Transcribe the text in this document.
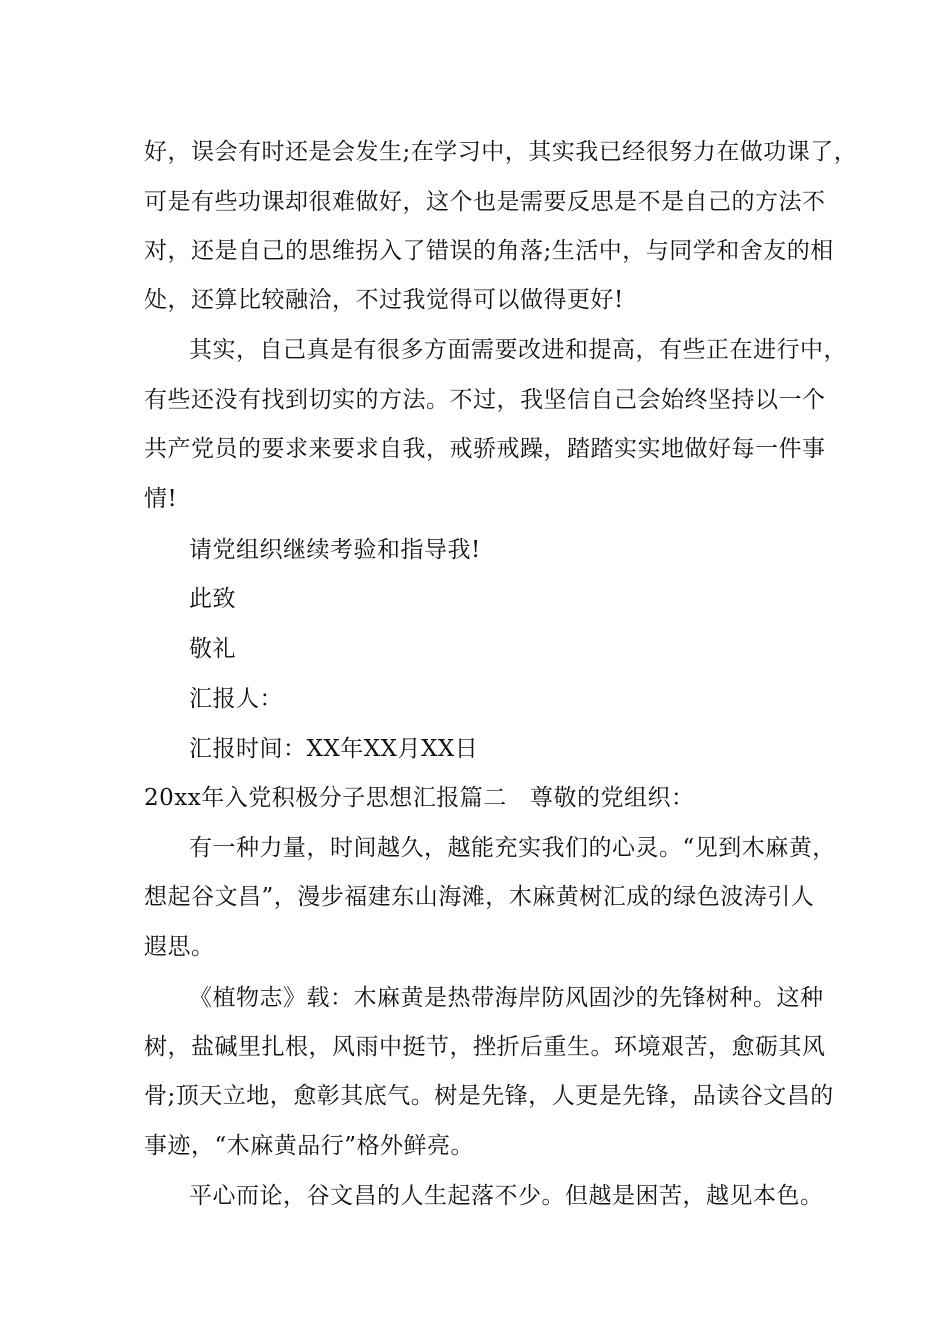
好，误会有时还是会发生;在学习中，其实我已经很努力在做功课了，
可是有些功课却很难做好，这个也是需要反思是不是自己的方法不
对，还是自己的思维拐入了错误的角落;生活中，与同学和舍友的相
处，还算比较融洽，不过我觉得可以做得更好!
其实，自己真是有很多方面需要改进和提高，有些正在进行中，
有些还没有找到切实的方法。不过，我坚信自己会始终坚持以一个
共产党员的要求来要求自我，戒骄戒躁，踏踏实实地做好每一件事
情!
请党组织继续考验和指导我!
此致
敬礼
汇报人：
汇报时间：XX年XX月XX日
20xx年入党积极分子思想汇报篇二 尊敬的党组织：
有一种力量，时间越久，越能充实我们的心灵。“见到木麻黄，
想起谷文昌”，漫步福建东山海滩，木麻黄树汇成的绿色波涛引人
遐思。
《植物志》载：木麻黄是热带海岸防风固沙的先锋树种。这种
树，盐碱里扎根，风雨中挺节，挫折后重生。环境艰苦，愈砺其风
骨;顶天立地，愈彰其底气。树是先锋，人更是先锋，品读谷文昌的
事迹，“木麻黄品行”格外鲜亮。
平心而论，谷文昌的人生起落不少。但越是困苦，越见本色。
